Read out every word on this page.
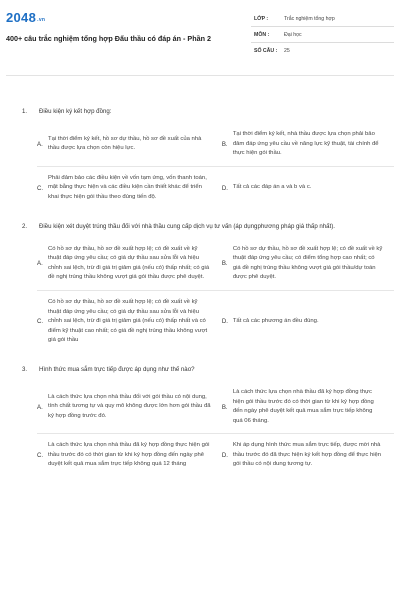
2048.vn
400+ câu trắc nghiệm tổng hợp Đấu thầu có đáp án - Phần 2
LỚP :	Trắc nghiệm tổng hợp
MÔN :	Đại học
SỐ CÂU :	25
1.	Điều kiện ký kết hợp đồng:
A.
Tại thời điểm ký kết, hồ sơ dự thầu, hồ sơ đề xuất của nhà thầu được lựa chọn còn hiệu lực.
B.
Tại thời điểm ký kết, nhà thầu được lựa chọn phải bảo đảm đáp ứng yêu cầu về năng lực kỹ thuật, tài chính để thực hiện gói thầu.
C.
Phải đảm bảo các điều kiện về vốn tạm ứng, vốn thanh toán, mặt bằng thực hiện và các điều kiện cần thiết khác để triển khai thực hiện gói thầu theo đúng tiến độ.
D. Tất cả các đáp án a và b và c.
2.	Điều kiện xét duyệt trúng thầu đối với nhà thầu cung cấp dịch vụ tư vấn (áp dụngphương pháp giá thấp nhất).
A.
Có hồ sơ dự thầu, hồ sơ đề xuất hợp lệ; có đề xuất về kỹ thuật đáp ứng yêu cầu; có giá dự thầu sau sửa lỗi và hiệu chỉnh sai lệch, trừ đi giá trị giảm giá (nếu có) thấp nhất; có giá đề nghị trúng thầu không vượt giá gói thầu được phê duyệt.
B.
Có hồ sơ dự thầu, hồ sơ đề xuất hợp lệ; có đề xuất về kỹ thuật đáp ứng yêu cầu; có điểm tổng hợp cao nhất; có giá đề nghị trúng thầu không vượt giá gói thầu/dự toán được phê duyệt.
C.
Có hồ sơ dự thầu, hồ sơ đề xuất hợp lệ; có đề xuất về kỹ thuật đáp ứng yêu cầu; có giá dự thầu sau sửa lỗi và hiệu chỉnh sai lệch, trừ đi giá trị giảm giá (nếu có) thấp nhất và có điểm kỹ thuật cao nhất; có giá đề nghị trúng thầu không vượt giá gói thầu
D. Tất cả các phương án đều đúng.
3.	Hình thức mua sắm trực tiếp được áp dụng như thế nào?
A.
Là cách thức lựa chọn nhà thầu đối với gói thầu có nội dung, tính chất tương tự và quy mô không được lớn hơn gói thầu đã ký hợp đồng trước đó.
B.
Là cách thức lựa chọn nhà thầu đã ký hợp đồng thực hiện gói thầu trước đó có thời gian từ khi ký hợp đồng đến ngày phê duyệt kết quả mua sắm trực tiếp không quá 06 tháng.
C.
Là cách thức lựa chọn nhà thầu đã ký hợp đồng thực hiện gói thầu trước đó có thời gian từ khi ký hợp đồng đến ngày phê duyệt kết quả mua sắm trực tiếp không quá 12 tháng
D.
Khi áp dụng hình thức mua sắm trực tiếp, được mời nhà thầu trước đó đã thực hiện ký kết hợp đồng để thực hiện gói thầu có nội dung tương tự.
